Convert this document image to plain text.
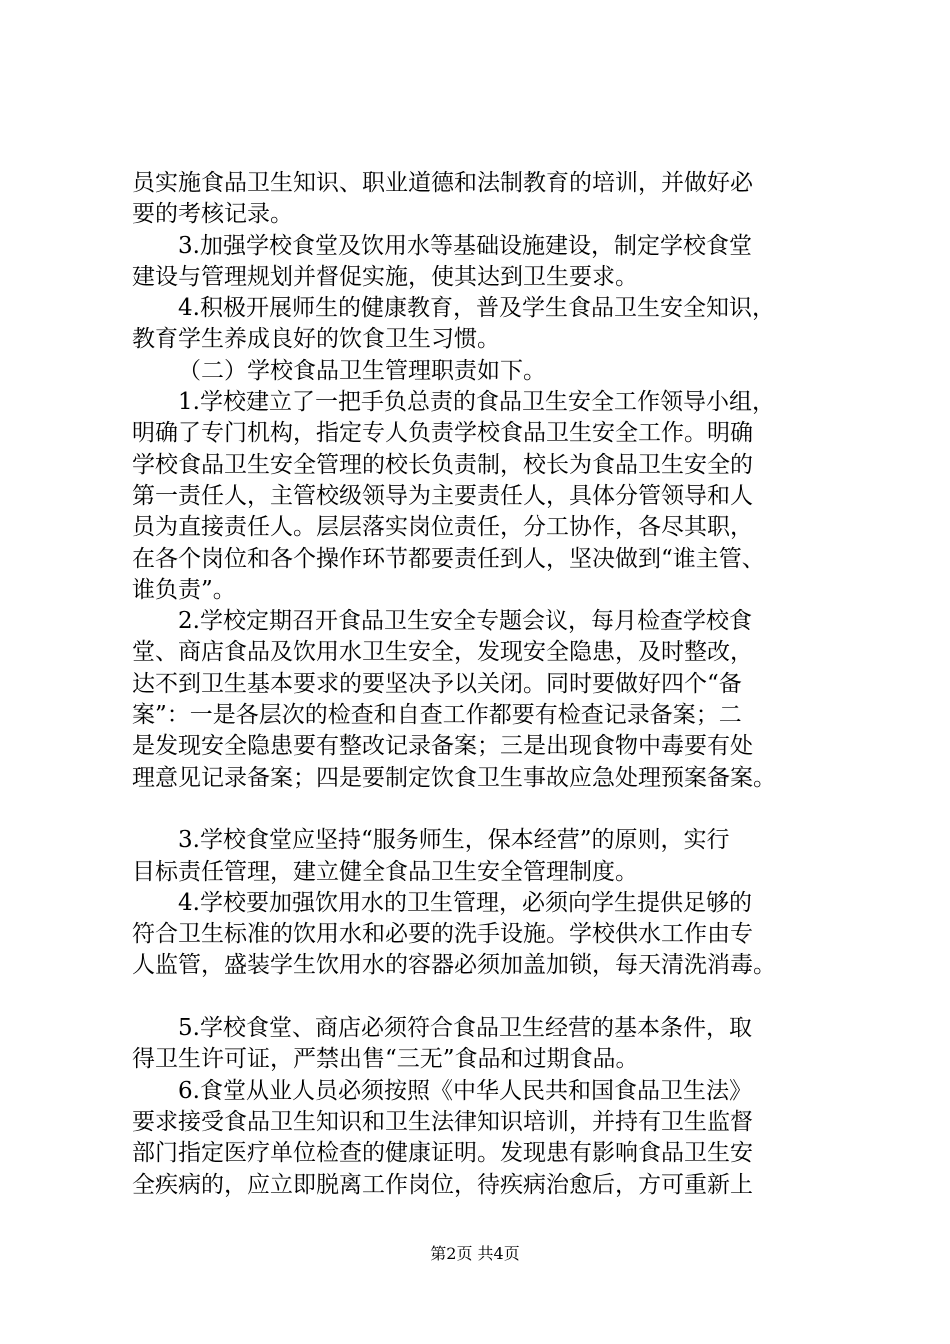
员实施食品卫生知识、职业道德和法制教育的培训，并做好必
要的考核记录。
3.加强学校食堂及饮用水等基础设施建设，制定学校食堂
建设与管理规划并督促实施，使其达到卫生要求。
4.积极开展师生的健康教育，普及学生食品卫生安全知识，
教育学生养成良好的饮食卫生习惯。
（二）学校食品卫生管理职责如下。
1.学校建立了一把手负总责的食品卫生安全工作领导小组，
明确了专门机构，指定专人负责学校食品卫生安全工作。明确
学校食品卫生安全管理的校长负责制，校长为食品卫生安全的
第一责任人，主管校级领导为主要责任人，具体分管领导和人
员为直接责任人。层层落实岗位责任，分工协作，各尽其职，
在各个岗位和各个操作环节都要责任到人，坚决做到“谁主管、
谁负责”。
2.学校定期召开食品卫生安全专题会议，每月检查学校食
堂、商店食品及饮用水卫生安全，发现安全隐患，及时整改，
达不到卫生基本要求的要坚决予以关闭。同时要做好四个“备
案”：一是各层次的检查和自查工作都要有检查记录备案；二
是发现安全隐患要有整改记录备案；三是出现食物中毒要有处
理意见记录备案；四是要制定饮食卫生事故应急处理预案备案。
3.学校食堂应坚持“服务师生，保本经营”的原则，实行
目标责任管理，建立健全食品卫生安全管理制度。
4.学校要加强饮用水的卫生管理，必须向学生提供足够的
符合卫生标准的饮用水和必要的洗手设施。学校供水工作由专
人监管，盛装学生饮用水的容器必须加盖加锁，每天清洗消毒。
5.学校食堂、商店必须符合食品卫生经营的基本条件，取
得卫生许可证，严禁出售“三无”食品和过期食品。
6.食堂从业人员必须按照《中华人民共和国食品卫生法》
要求接受食品卫生知识和卫生法律知识培训，并持有卫生监督
部门指定医疗单位检查的健康证明。发现患有影响食品卫生安
全疾病的，应立即脱离工作岗位，待疾病治愈后，方可重新上
第2页 共4页
